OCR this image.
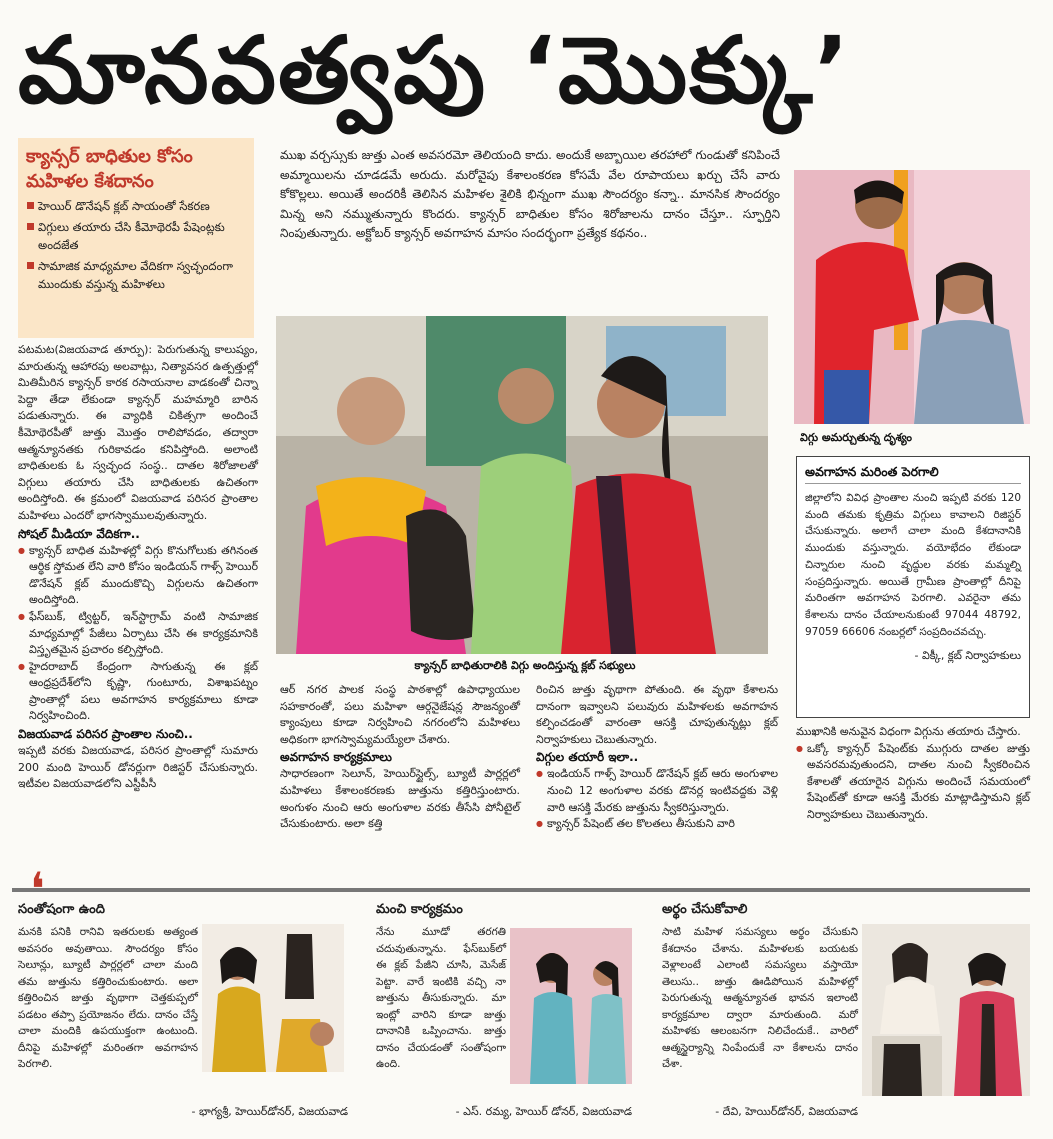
మానవత్వపు ‘మొక్కు’
క్యాన్సర్ బాధితుల కోసం మహిళల కేశదానం
హెయిర్ డొనేషన్ క్లబ్ సాయంతో సేకరణ
విగ్గులు తయారు చేసి కీమోథెరపీ పేషెంట్లకు అందజేత
సామాజిక మాధ్యమాల వేదికగా స్వచ్ఛందంగా ముందుకు వస్తున్న మహిళలు
ముఖ వర్చస్సుకు జుత్తు ఎంత అవసరమో తెలియంది కాదు. అందుకే అబ్బాయిల తరహాలో గుండుతో కనిపించే అమ్మాయిలను చూడడమే అరుదు. మరోవైపు కేశాలంకరణ కోసమే వేల రూపాయలు ఖర్చు చేసే వారు కోకొల్లలు. అయితే అందరికీ తెలిసిన మహిళల శైలికి భిన్నంగా ముఖ సౌందర్యం కన్నా.. మానసిక సౌందర్యం మిన్న అని నమ్ముతున్నారు కొందరు. క్యాన్సర్ బాధితుల కోసం శిరోజాలను దానం చేస్తూ.. స్ఫూర్తిని నింపుతున్నారు. అక్టోబర్ క్యాన్సర్ అవగాహన మాసం సందర్భంగా ప్రత్యేక కథనం..
పటమట(విజయవాడ తూర్పు): పెరుగుతున్న కాలుష్యం, మారుతున్న ఆహారపు అలవాట్లు, నిత్యావసర ఉత్పత్తుల్లో మితిమీరిన క్యాన్సర్ కారక రసాయనాల వాడకంతో చిన్నా పెద్దా తేడా లేకుండా క్యాన్సర్ మహమ్మారి బారిన పడుతున్నారు. ఈ వ్యాధికి చికిత్సగా అందించే కీమోథెరపీతో జుత్తు మొత్తం రాలిపోవడం, తద్వారా ఆత్మన్యూనతకు గురికావడం కనిపిస్తోంది. అలాంటి బాధితులకు ఓ స్వచ్ఛంద సంస్థ.. దాతల శిరోజాలతో విగ్గులు తయారు చేసి బాధితులకు ఉచితంగా అందిస్తోంది. ఈ క్రమంలో విజయవాడ పరిసర ప్రాంతాల మహిళలు ఎందరో భాగస్వాములవుతున్నారు.
సోషల్ మీడియా వేదికగా..
● క్యాన్సర్ బాధిత మహిళల్లో విగ్గు కొనుగోలుకు తగినంత ఆర్థిక స్తోమత లేని వారి కోసం ఇండియన్ గాళ్స్ హెయిర్ డొనేషన్ క్లబ్ ముందుకొచ్చి విగ్గులను ఉచితంగా అందిస్తోంది.
● ఫేస్‌బుక్, ట్విట్టర్, ఇన్‌స్టాగ్రామ్ వంటి సామాజిక మాధ్యమాల్లో పేజీలు ఏర్పాటు చేసి ఈ కార్యక్రమానికి విస్తృతమైన ప్రచారం కల్పిస్తోంది.
● హైదరాబాద్ కేంద్రంగా సాగుతున్న ఈ క్లబ్ ఆంధ్రప్రదేశ్‌లోని కృష్ణా, గుంటూరు, విశాఖపట్నం ప్రాంతాల్లో పలు అవగాహన కార్యక్రమాలు కూడా నిర్వహించింది.
విజయవాడ పరిసర ప్రాంతాల నుంచి..
ఇప్పటి వరకు విజయవాడ, పరిసర ప్రాంతాల్లో సుమారు 200 మంది హెయిర్ డోనర్లుగా రిజిస్టర్ చేసుకున్నారు. ఇటీవల విజయవాడలోని ఎస్టీపీసీ
క్యాన్సర్ బాధితురాలికి విగ్గు అందిస్తున్న క్లబ్ సభ్యులు
ఆర్ నగర పాలక సంస్థ పాఠశాల్లో ఉపాధ్యాయుల సహకారంతో, పలు మహిళా ఆర్గనైజేషన్ల సౌజన్యంతో క్యాంపులు కూడా నిర్వహించి నగరంలోని మహిళలు అధికంగా భాగస్వామ్యమయ్యేలా చేశారు.
అవగాహన కార్యక్రమాలు
సాధారణంగా సెలూన్, హెయిర్‌స్టైల్స్, బ్యూటీ పార్లర్లలో మహిళలు కేశాలంకరణకు జుత్తును కత్తిరిస్తుంటారు. అంగుళం నుంచి ఆరు అంగుళాల వరకు తీసేసి పోనీటైల్ చేసుకుంటారు. అలా కత్తి
రించిన జుత్తు వృథాగా పోతుంది. ఈ వృథా కేశాలను దానంగా ఇవ్వాలని పలువురు మహిళలకు అవగాహన కల్పించడంతో వారంతా ఆసక్తి చూపుతున్నట్లు క్లబ్ నిర్వాహకులు చెబుతున్నారు.
విగ్గుల తయారీ ఇలా..
● ఇండియన్ గాళ్స్ హెయిర్ డొనేషన్ క్లబ్ ఆరు అంగుళాల నుంచి 12 అంగుళాల వరకు డొనర్ల ఇంటివద్దకు వెళ్లి వారి ఆసక్తి మేరకు జుత్తును స్వీకరిస్తున్నారు.
● క్యాన్సర్ పేషెంట్ తల కొలతలు తీసుకుని వారి
విగ్గు అమర్చుతున్న దృశ్యం
అవగాహన మరింత పెరగాలి
జిల్లాలోని వివిధ ప్రాంతాల నుంచి ఇప్పటి వరకు 120 మంది తమకు కృత్రిమ విగ్గులు కావాలని రిజిస్టర్ చేసుకున్నారు. అలాగే చాలా మంది కేశదానానికి ముందుకు వస్తున్నారు. వయోభేదం లేకుండా చిన్నారుల నుంచి వృద్ధుల వరకు మమ్మల్ని సంప్రదిస్తున్నారు. అయితే గ్రామీణ ప్రాంతాల్లో దీనిపై మరింతగా అవగాహన పెరగాలి. ఎవరైనా తమ కేశాలను దానం చేయాలనుకుంటే 97044 48792, 97059 66606 నంబర్లలో సంప్రదించవచ్చు.
- విక్కీ, క్లబ్ నిర్వాహకులు
ముఖానికి అనువైన విధంగా విగ్గును తయారు చేస్తారు.
● ఒక్కో క్యాన్సర్ పేషెంట్‌కు ముగ్గురు దాతల జుత్తు అవసరమవుతుందని, దాతల నుంచి స్వీకరించిన కేశాలతో తయారైన విగ్గును అందించే సమయంలో పేషెంట్‌తో కూడా ఆసక్తి మేరకు మాట్లాడిస్తామని క్లబ్ నిర్వాహకులు చెబుతున్నారు.
❛
సంతోషంగా ఉంది
మనకి పనికి రానివి ఇతరులకు అత్యంత అవసరం అవుతాయి. సౌందర్యం కోసం సెలూన్లు, బ్యూటీ పార్లర్లలో చాలా మంది తమ జుత్తును కత్తిరించుకుంటారు. అలా కత్తిరించిన జుత్తు వృథాగా చెత్తకుప్పలో పడటం తప్పా ప్రయోజనం లేదు. దానం చేస్తే చాలా మందికి ఉపయుక్తంగా ఉంటుంది. దీనిపై మహిళల్లో మరింతగా అవగాహన పెరగాలి.
- భాగ్యశ్రీ, హెయిర్‌డోనర్, విజయవాడ
మంచి కార్యక్రమం
నేను మూడో తరగతి చదువుతున్నాను. ఫేస్‌బుక్‌లో ఈ క్లబ్ పేజీని చూసి, మెసేజ్ పెట్టా. వారే ఇంటికి వచ్చి నా జుత్తును తీసుకున్నారు. మా ఇంట్లో వారిని కూడా జుత్తు దానానికి ఒప్పించాను. జుత్తు దానం చేయడంతో సంతోషంగా ఉంది.
- ఎస్. రమ్య, హెయిర్ డోనర్, విజయవాడ
అర్థం చేసుకోవాలి
సాటి మహిళ సమస్యలు అర్థం చేసుకుని కేశదానం చేశాను. మహిళలకు బయటకు వెళ్లాలంటే ఎలాంటి సమస్యలు వస్తాయో తెలుసు.. జుత్తు ఊడిపోయిన మహిళల్లో పెరుగుతున్న ఆత్మన్యూనత భావన ఇలాంటి కార్యక్రమాల ద్వారా మారుతుంది. మరో మహిళకు ఆలంబనగా నిలిచేందుకే.. వారిలో ఆత్మస్థైర్యాన్ని నింపేందుకే నా కేశాలను దానం చేశా.
- దేవి, హెయిర్‌డోనర్, విజయవాడ
